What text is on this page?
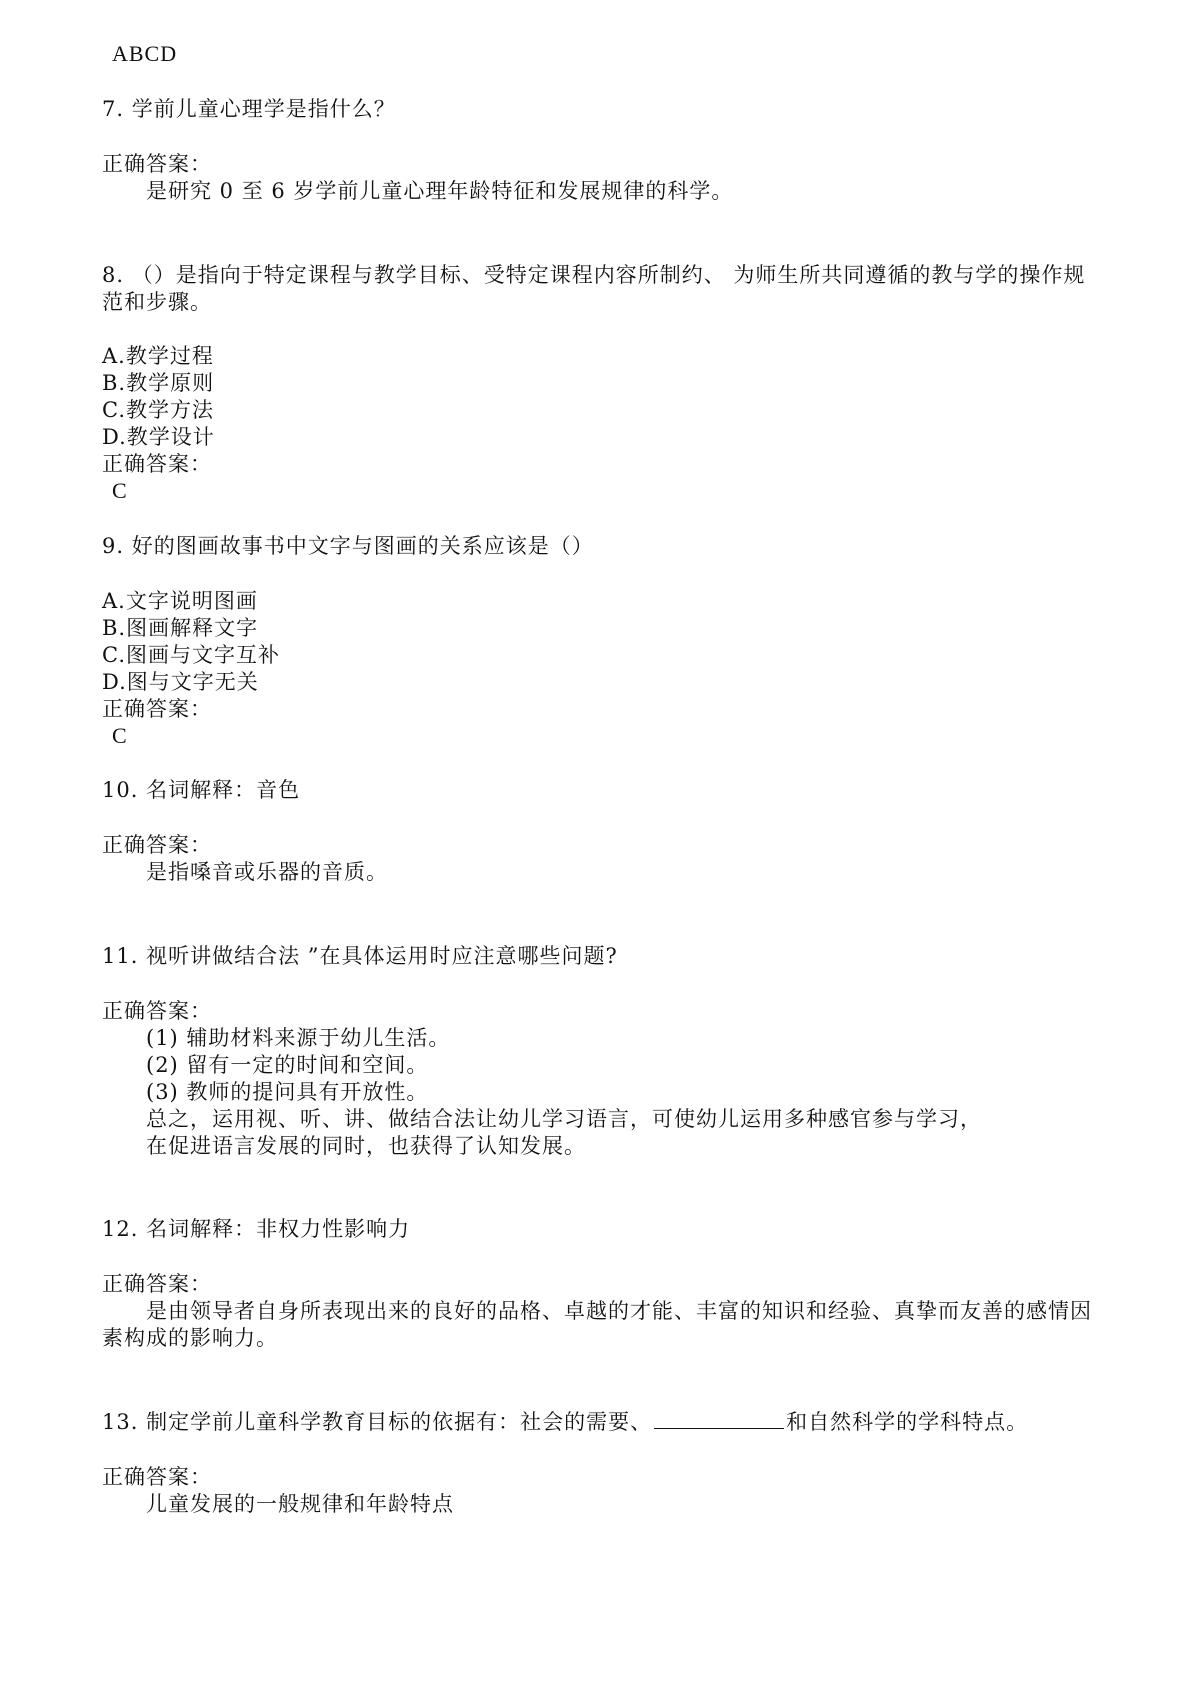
ABCD
7. 学前儿童心理学是指什么？
正确答案：
是研究 0 至 6 岁学前儿童心理年龄特征和发展规律的科学。
8. （）是指向于特定课程与教学目标、受特定课程内容所制约、 为师生所共同遵循的教与学的操作规
范和步骤。
A.教学过程
B.教学原则
C.教学方法
D.教学设计
正确答案：
C
9. 好的图画故事书中文字与图画的关系应该是（）
A.文字说明图画
B.图画解释文字
C.图画与文字互补
D.图与文字无关
正确答案：
C
10. 名词解释：音色
正确答案：
是指嗓音或乐器的音质。
11. 视听讲做结合法 ”在具体运用时应注意哪些问题?
正确答案：
(1) 辅助材料来源于幼儿生活。
(2) 留有一定的时间和空间。
(3) 教师的提问具有开放性。
总之，运用视、听、讲、做结合法让幼儿学习语言，可使幼儿运用多种感官参与学习，
在促进语言发展的同时，也获得了认知发展。
12. 名词解释：非权力性影响力
正确答案：
是由领导者自身所表现出来的良好的品格、卓越的才能、丰富的知识和经验、真挚而友善的感情因
素构成的影响力。
13. 制定学前儿童科学教育目标的依据有：社会的需要、	和自然科学的学科特点。
正确答案：
儿童发展的一般规律和年龄特点
